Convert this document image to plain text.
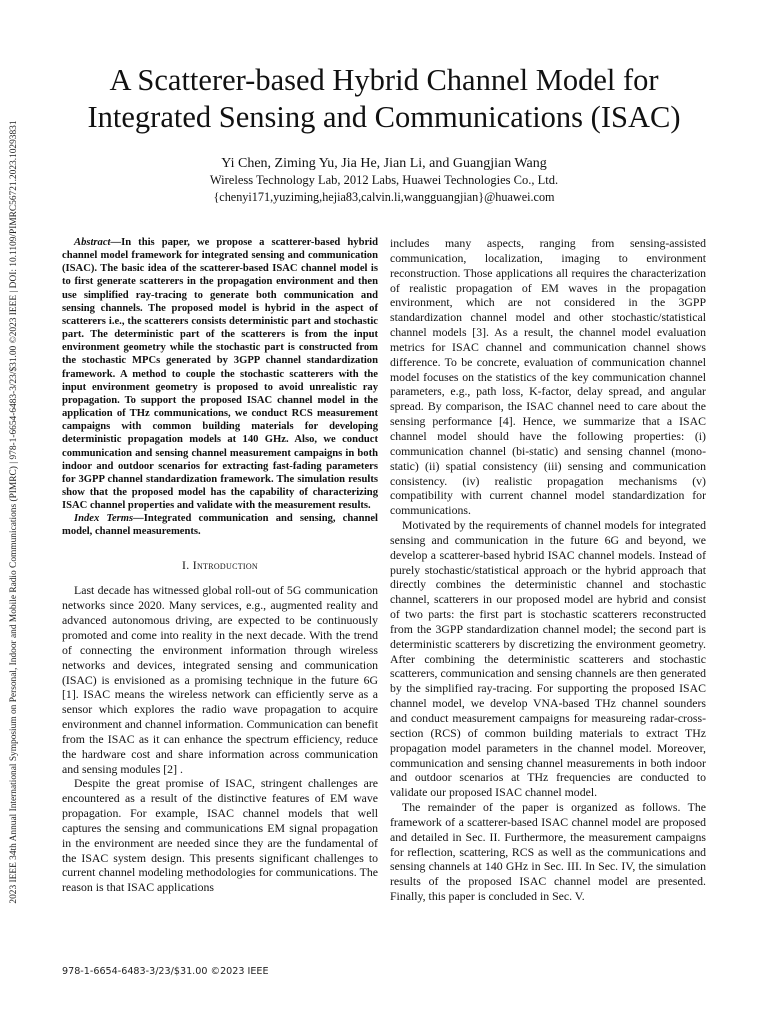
2023 IEEE 34th Annual International Symposium on Personal, Indoor and Mobile Radio Communications (PIMRC) | 978-1-6654-6483-3/23/$31.00 ©2023 IEEE | DOI: 10.1109/PIMRC56721.2023.10293831
A Scatterer-based Hybrid Channel Model for
Integrated Sensing and Communications (ISAC)
Yi Chen, Ziming Yu, Jia He, Jian Li, and Guangjian Wang
Wireless Technology Lab, 2012 Labs, Huawei Technologies Co., Ltd.
{chenyi171,yuziming,hejia83,calvin.li,wangguangjian}@huawei.com

Abstract—In this paper, we propose a scatterer-based hybrid channel model framework for integrated sensing and communication (ISAC). The basic idea of the scatterer-based ISAC channel model is to first generate scatterers in the propagation environment and then use simplified ray-tracing to generate both communication and sensing channels. The proposed model is hybrid in the aspect of scatterers i.e., the scatterers consists deterministic part and stochastic part. The deterministic part of the scatterers is from the input environment geometry while the stochastic part is constructed from the stochastic MPCs generated by 3GPP channel standardization framework. A method to couple the stochastic scatterers with the input environment geometry is proposed to avoid unrealistic ray propagation. To support the proposed ISAC channel model in the application of THz communications, we conduct RCS measurement campaigns with common building materials for developing deterministic propagation models at 140 GHz. Also, we conduct communication and sensing channel measurement campaigns in both indoor and outdoor scenarios for extracting fast-fading parameters for 3GPP channel standardization framework. The simulation results show that the proposed model has the capability of characterizing ISAC channel properties and validate with the measurement results.

Index Terms—Integrated communication and sensing, channel model, channel measurements.

I. Introduction

Last decade has witnessed global roll-out of 5G communication networks since 2020. Many services, e.g., augmented reality and advanced autonomous driving, are expected to be continuously promoted and come into reality in the next decade. With the trend of connecting the environment information through wireless networks and devices, integrated sensing and communication (ISAC) is envisioned as a promising technique in the future 6G [1]. ISAC means the wireless network can efficiently serve as a sensor which explores the radio wave propagation to acquire environment and channel information. Communication can benefit from the ISAC as it can enhance the spectrum efficiency, reduce the hardware cost and share information across communication and sensing modules [2] .

Despite the great promise of ISAC, stringent challenges are encountered as a result of the distinctive features of EM wave propagation. For example, ISAC channel models that well captures the sensing and communications EM signal propagation in the environment are needed since they are the fundamental of the ISAC system design. This presents significant challenges to current channel modeling methodologies for communications. The reason is that ISAC applications

includes many aspects, ranging from sensing-assisted communication, localization, imaging to environment reconstruction. Those applications all requires the characterization of realistic propagation of EM waves in the propagation environment, which are not considered in the 3GPP standardization channel model and other stochastic/statistical channel models [3]. As a result, the channel model evaluation metrics for ISAC channel and communication channel shows difference. To be concrete, evaluation of communication channel model focuses on the statistics of the key communication channel parameters, e.g., path loss, K-factor, delay spread, and angular spread. By comparison, the ISAC channel need to care about the sensing performance [4]. Hence, we summarize that a ISAC channel model should have the following properties: (i) communication channel (bi-static) and sensing channel (mono-static) (ii) spatial consistency (iii) sensing and communication consistency. (iv) realistic propagation mechanisms (v) compatibility with current channel model standardization for communications.

Motivated by the requirements of channel models for integrated sensing and communication in the future 6G and beyond, we develop a scatterer-based hybrid ISAC channel models. Instead of purely stochastic/statistical approach or the hybrid approach that directly combines the deterministic channel and stochastic channel, scatterers in our proposed model are hybrid and consist of two parts: the first part is stochastic scatterers reconstructed from the 3GPP standardization channel model; the second part is deterministic scatterers by discretizing the environment geometry. After combining the deterministic scatterers and stochastic scatterers, communication and sensing channels are then generated by the simplified ray-tracing. For supporting the proposed ISAC channel model, we develop VNA-based THz channel sounders and conduct measurement campaigns for measureing radar-cross-section (RCS) of common building materials to extract THz propagation model parameters in the channel model. Moreover, communication and sensing channel measurements in both indoor and outdoor scenarios at THz frequencies are conducted to validate our proposed ISAC channel model.

The remainder of the paper is organized as follows. The framework of a scatterer-based ISAC channel model are proposed and detailed in Sec. II. Furthermore, the measurement campaigns for reflection, scattering, RCS as well as the communications and sensing channels at 140 GHz in Sec. III. In Sec. IV, the simulation results of the proposed ISAC channel model are presented. Finally, this paper is concluded in Sec. V.

978-1-6654-6483-3/23/$31.00 ©2023 IEEE
